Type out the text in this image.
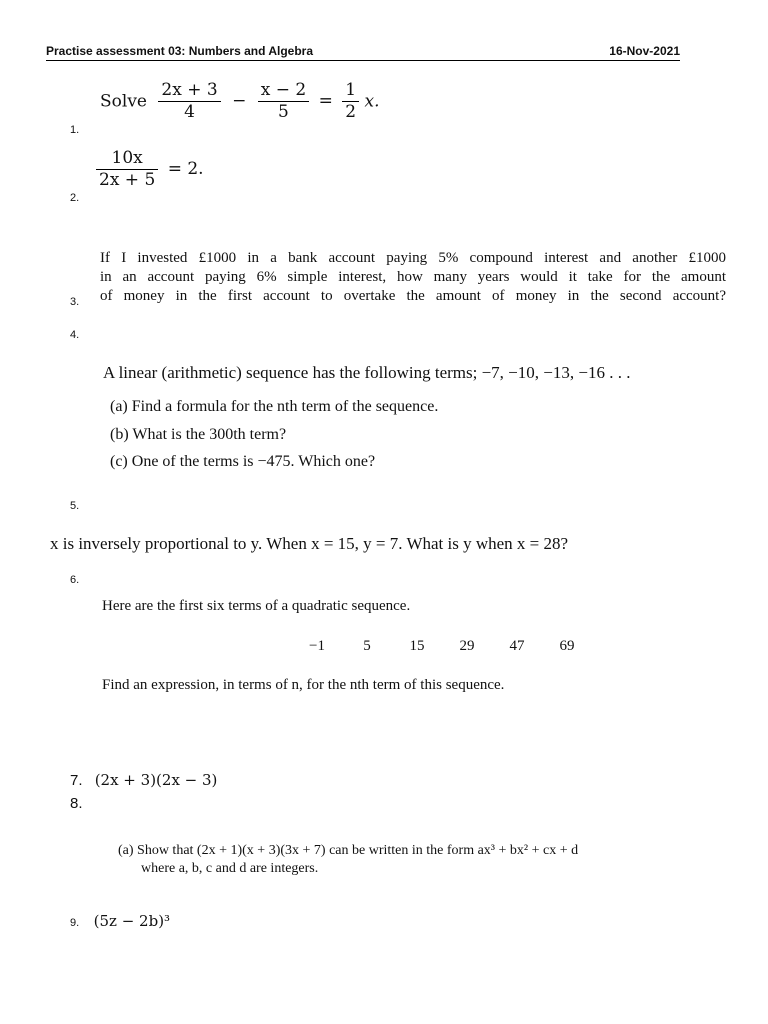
Practise assessment 03: Numbers and Algebra	16-Nov-2021
Solve $\frac{2x + 3}{4} - \frac{x - 2}{5} = \frac{1}{2} x$.
1.
$\frac{10x}{2x + 5} = 2$.
2.
If I invested £1000 in a bank account paying 5% compound interest and another £1000
in an account paying 6% simple interest, how many years would it take for the amount
of money in the first account to overtake the amount of money in the second account?
3.
4.
A linear (arithmetic) sequence has the following terms; −7, −10, −13, −16 . . .
(a) Find a formula for the nth term of the sequence.
(b) What is the 300th term?
(c) One of the terms is −475. Which one?
5.
x is inversely proportional to y. When x = 15, y = 7. What is y when x = 28?
6.
Here are the first six terms of a quadratic sequence.
−1	5	15 29 47 69
Find an expression, in terms of n, for the nth term of this sequence.
7. (2x + 3)(2x − 3)
8.
(a) Show that (2x + 1)(x + 3)(3x + 7) can be written in the form ax³ + bx² + cx + d
where a, b, c and d are integers.
9. (5z − 2b)³
